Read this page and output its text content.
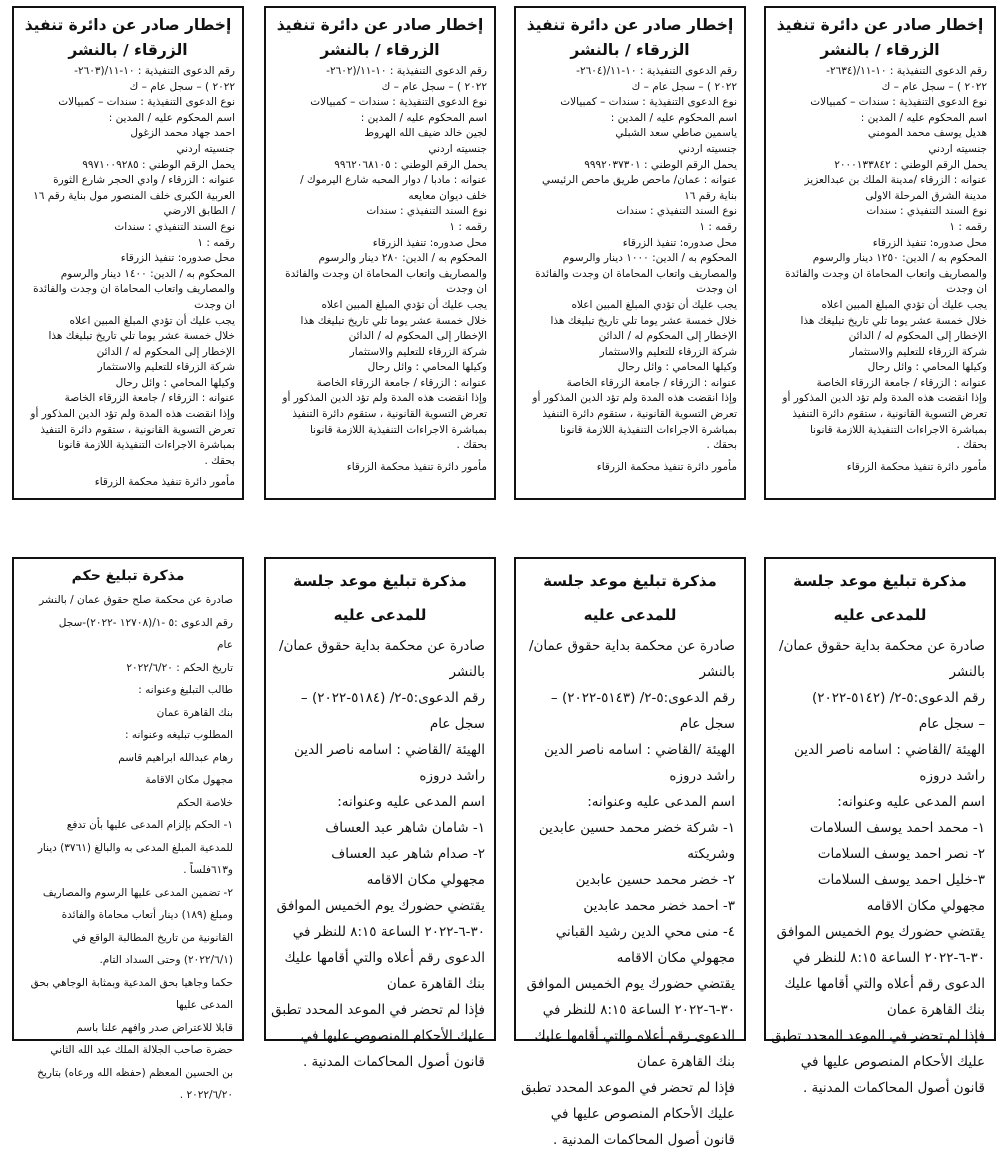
إخطار صادر عن دائرة تنفيذ
الزرقاء / بالنشر
رقم الدعوى التنفيذية : ١٠-١١/(٢٦٣٤-
٢٠٢٢ ) – سجل عام – ك
نوع الدعوى التنفيذية : سندات – كمبيالات
اسم المحكوم عليه / المدين :
هديل يوسف محمد المومني
جنسيته اردني
يحمل الرقم الوطني : ٢٠٠٠١٣٣٨٤٢
عنوانه : الزرقاء /مدينة الملك بن عبدالعزيز
مدينة الشرق المرحلة الاولى
نوع السند التنفيذي : سندات
رقمه : ١
محل صدوره: تنفيذ الزرقاء
المحكوم به / الدين: ١٢٥٠ دينار والرسوم
والمصاريف واتعاب المحاماة ان وجدت والفائدة
ان وجدت
يجب عليك أن تؤدي المبلغ المبين اعلاه
خلال خمسة عشر يوما تلي تاريخ تبليغك هذا
الإخطار إلى المحكوم له / الدائن
شركة الزرقاء للتعليم والاستثمار
وكيلها المحامي : وائل رحال
عنوانه : الزرقاء / جامعة الزرقاء الخاصة
وإذا انقضت هذه المدة ولم تؤد الدين المذكور أو
تعرض التسوية القانونية ، ستقوم دائرة التنفيذ
بمباشرة الاجراءات التنفيذية اللازمة قانونا
بحقك .
مأمور دائرة تنفيذ محكمة الزرقاء
إخطار صادر عن دائرة تنفيذ
الزرقاء / بالنشر
رقم الدعوى التنفيذية : ١٠-١١/(٢٦٠٤-
٢٠٢٢ ) – سجل عام – ك
نوع الدعوى التنفيذية : سندات – كمبيالات
اسم المحكوم عليه / المدين :
ياسمين صاطي سعد الشبلي
جنسيته اردني
يحمل الرقم الوطني : ٩٩٩٢٠٣٧٣٠١
عنوانه : عمان/ ماحص طريق ماحص الرئيسي
بناية رقم ١٦
نوع السند التنفيذي : سندات
رقمه : ١
محل صدوره: تنفيذ الزرقاء
المحكوم به / الدين: ١٠٠٠ دينار والرسوم
والمصاريف واتعاب المحاماة ان وجدت والفائدة
ان وجدت
يجب عليك أن تؤدي المبلغ المبين اعلاه
خلال خمسة عشر يوما تلي تاريخ تبليغك هذا
الإخطار إلى المحكوم له / الدائن
شركة الزرقاء للتعليم والاستثمار
وكيلها المحامي : وائل رحال
عنوانه : الزرقاء / جامعة الزرقاء الخاصة
وإذا انقضت هذه المدة ولم تؤد الدين المذكور أو
تعرض التسوية القانونية ، ستقوم دائرة التنفيذ
بمباشرة الاجراءات التنفيذية اللازمة قانونا
بحقك .
مأمور دائرة تنفيذ محكمة الزرقاء
إخطار صادر عن دائرة تنفيذ
الزرقاء / بالنشر
رقم الدعوى التنفيذية : ١٠-١١/(٢٦٠٢-
٢٠٢٢ ) – سجل عام – ك
نوع الدعوى التنفيذية : سندات – كمبيالات
اسم المحكوم عليه / المدين :
لجين خالد ضيف الله الهروط
جنسيته اردني
يحمل الرقم الوطني : ٩٩٦٢٠٦٨١٠٥
عنوانه : مادبا / دوار المحبه شارع اليرموك /
خلف ديوان معايعه
نوع السند التنفيذي : سندات
رقمه : ١
محل صدوره: تنفيذ الزرقاء
المحكوم به / الدين: ٢٨٠ دينار والرسوم
والمصاريف واتعاب المحاماة ان وجدت والفائدة
ان وجدت
يجب عليك أن تؤدي المبلغ المبين اعلاه
خلال خمسة عشر يوما تلي تاريخ تبليغك هذا
الإخطار إلى المحكوم له / الدائن
شركة الزرقاء للتعليم والاستثمار
وكيلها المحامي : وائل رحال
عنوانه : الزرقاء / جامعة الزرقاء الخاصة
وإذا انقضت هذه المدة ولم تؤد الدين المذكور أو
تعرض التسوية القانونية ، ستقوم دائرة التنفيذ
بمباشرة الاجراءات التنفيذية اللازمة قانونا
بحقك .
مأمور دائرة تنفيذ محكمة الزرقاء
إخطار صادر عن دائرة تنفيذ
الزرقاء / بالنشر
رقم الدعوى التنفيذية : ١٠-١١/(٢٦٠٣-
٢٠٢٢ ) – سجل عام – ك
نوع الدعوى التنفيذية : سندات – كمبيالات
اسم المحكوم عليه / المدين :
احمد جهاد محمد الزغول
جنسيته اردني
يحمل الرقم الوطني : ٩٩٧١٠٠٩٢٨٥
عنوانه : الزرقاء / وادي الحجر شارع الثورة
العربية الكبرى خلف المنصور مول بناية رقم ١٦
/ الطابق الارضي
نوع السند التنفيذي : سندات
رقمه : ١
محل صدوره: تنفيذ الزرقاء
المحكوم به / الدين: ١٤٠٠ دينار والرسوم
والمصاريف واتعاب المحاماة ان وجدت والفائدة
ان وجدت
يجب عليك أن تؤدي المبلغ المبين اعلاه
خلال خمسة عشر يوما تلي تاريخ تبليغك هذا
الإخطار إلى المحكوم له / الدائن
شركة الزرقاء للتعليم والاستثمار
وكيلها المحامي : وائل رحال
عنوانه : الزرقاء / جامعة الزرقاء الخاصة
وإذا انقضت هذه المدة ولم تؤد الدين المذكور أو
تعرض التسوية القانونية ، ستقوم دائرة التنفيذ
بمباشرة الاجراءات التنفيذية اللازمة قانونا
بحقك .
مأمور دائرة تنفيذ محكمة الزرقاء
مذكرة تبليغ موعد جلسة
للمدعى عليه
صادرة عن محكمة بداية حقوق عمان/
بالنشر
رقم الدعوى:٥-٢/ (٥١٤٢-٢٠٢٢)
– سجل عام
الهيئة /القاضي : اسامه ناصر الدين
راشد دروزه
اسم المدعى عليه وعنوانه:
١- محمد احمد يوسف السلامات
٢- نصر احمد يوسف السلامات
٣-خليل احمد يوسف السلامات
مجهولي مكان الاقامه
يقتضي حضورك يوم الخميس الموافق
٣٠-٦-٢٠٢٢ الساعة ٨:١٥ للنظر في
الدعوى رقم أعلاه والتي أقامها عليك
بنك القاهرة عمان
فإذا لم تحضر في الموعد المحدد تطبق
عليك الأحكام المنصوص عليها في
قانون أصول المحاكمات المدنية .
مذكرة تبليغ موعد جلسة
للمدعى عليه
صادرة عن محكمة بداية حقوق عمان/
بالنشر
رقم الدعوى:٥-٢/ (٥١٤٣-٢٠٢٢) –
سجل عام
الهيئة /القاضي : اسامه ناصر الدين
راشد دروزه
اسم المدعى عليه وعنوانه:
١- شركة خضر محمد حسين عابدين
وشريكته
٢- خضر محمد حسين عابدين
٣- احمد خضر محمد عابدين
٤- منى محي الدين رشيد القباني
مجهولي مكان الاقامه
يقتضي حضورك يوم الخميس الموافق
٣٠-٦-٢٠٢٢ الساعة ٨:١٥ للنظر في
الدعوى رقم أعلاه والتي أقامها عليك
بنك القاهرة عمان
فإذا لم تحضر في الموعد المحدد تطبق
عليك الأحكام المنصوص عليها في
قانون أصول المحاكمات المدنية .
مذكرة تبليغ موعد جلسة
للمدعى عليه
صادرة عن محكمة بداية حقوق عمان/
بالنشر
رقم الدعوى:٥-٢/ (٥١٨٤-٢٠٢٢) –
سجل عام
الهيئة /القاضي : اسامه ناصر الدين
راشد دروزه
اسم المدعى عليه وعنوانه:
١- شامان شاهر عبد العساف
٢- صدام شاهر عبد العساف
مجهولي مكان الاقامه
يقتضي حضورك يوم الخميس الموافق
٣٠-٦-٢٠٢٢ الساعة ٨:١٥ للنظر في
الدعوى رقم أعلاه والتي أقامها عليك
بنك القاهرة عمان
فإذا لم تحضر في الموعد المحدد تطبق
عليك الأحكام المنصوص عليها في
قانون أصول المحاكمات المدنية .
مذكرة تبليغ حكم
صادرة عن محكمة صلح حقوق عمان / بالنشر
رقم الدعوى :٥ -١/(١٢٧٠٨ -٢٠٢٢)-سجل
عام
تاريخ الحكم : ٢٠٢٢/٦/٢٠
طالب التبليغ وعنوانه :
بنك القاهرة عمان
المطلوب تبليغه وعنوانه :
رهام عبدالله ابراهيم قاسم
مجهول مكان الاقامة
خلاصة الحكم
١- الحكم بإلزام المدعى عليها بأن تدفع
للمدعية المبلغ المدعى به والبالغ (٣٧٦١) دينار
و٦١٣فلساً .
٢- تضمين المدعى عليها الرسوم والمصاريف
ومبلغ (١٨٩) دينار أتعاب محاماة والفائدة
القانونية من تاريخ المطالبة الواقع في
(٢٠٢٢/٦/١) وحتى السداد التام.
حكما وجاهيا بحق المدعية وبمثابة الوجاهي بحق
المدعى عليها
قابلا للاعتراض صدر وافهم علنا باسم
حضرة صاحب الجلالة الملك عبد الله الثاني
بن الحسين المعظم (حفظه الله ورعاه) بتاريخ
٢٠٢٢/٦/٢٠ .
